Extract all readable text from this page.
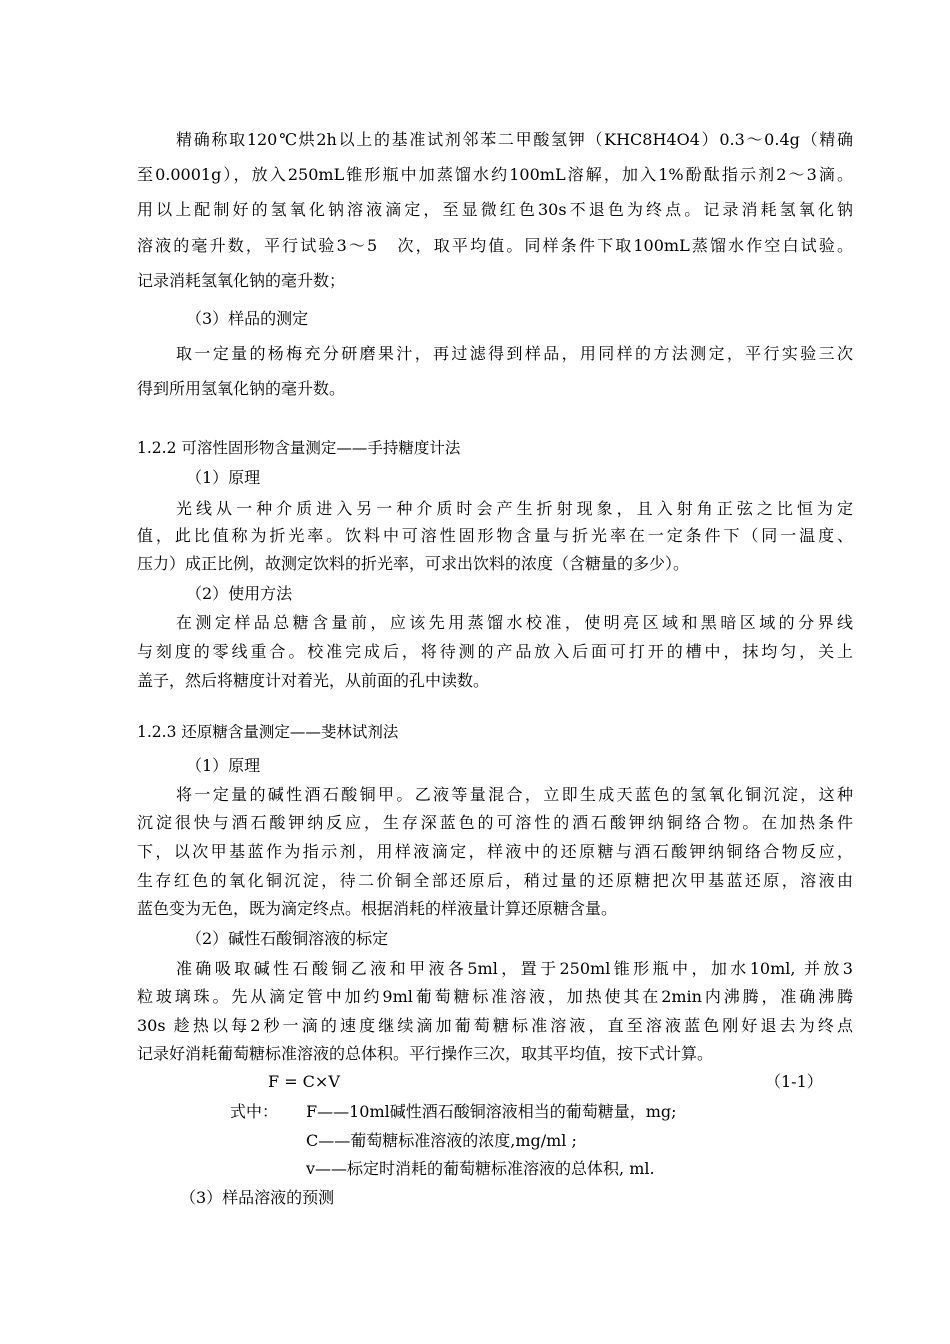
精确称取120℃烘2h以上的基准试剂邻苯二甲酸氢钾（KHC8H4O4）0.3～0.4g（精确
至0.0001g），放入250mL锥形瓶中加蒸馏水约100mL溶解，加入1%酚酞指示剂2～3滴。
用以上配制好的氢氧化钠溶液滴定，至显微红色30s不退色为终点。记录消耗氢氧化钠
溶液的毫升数，平行试验3～5　次，取平均值。同样条件下取100mL蒸馏水作空白试验。
记录消耗氢氧化钠的毫升数；
（3）样品的测定
取一定量的杨梅充分研磨果汁，再过滤得到样品，用同样的方法测定，平行实验三次
得到所用氢氧化钠的毫升数。
1.2.2 可溶性固形物含量测定——手持糖度计法
（1）原理
光线从一种介质进入另一种介质时会产生折射现象，且入射角正弦之比恒为定
值，此比值称为折光率。饮料中可溶性固形物含量与折光率在一定条件下（同一温度、
压力）成正比例，故测定饮料的折光率，可求出饮料的浓度（含糖量的多少）。
（2）使用方法
在测定样品总糖含量前，应该先用蒸馏水校准，使明亮区域和黑暗区域的分界线
与刻度的零线重合。校准完成后，将待测的产品放入后面可打开的槽中，抹均匀，关上
盖子，然后将糖度计对着光，从前面的孔中读数。
1.2.3 还原糖含量测定——斐林试剂法
（1）原理
将一定量的碱性酒石酸铜甲。乙液等量混合，立即生成天蓝色的氢氧化铜沉淀，这种
沉淀很快与酒石酸钾纳反应，生存深蓝色的可溶性的酒石酸钾纳铜络合物。在加热条件
下，以次甲基蓝作为指示剂，用样液滴定，样液中的还原糖与酒石酸钾纳铜络合物反应，
生存红色的氧化铜沉淀，待二价铜全部还原后，稍过量的还原糖把次甲基蓝还原，溶液由
蓝色变为无色，既为滴定终点。根据消耗的样液量计算还原糖含量。
（2）碱性石酸铜溶液的标定
准确吸取碱性石酸铜乙液和甲液各5ml，置于250ml锥形瓶中，加水10ml, 并放3
粒玻璃珠。先从滴定管中加约9ml葡萄糖标准溶液，加热使其在2min内沸腾，准确沸腾
30s 趁热以每2秒一滴的速度继续滴加葡萄糖标准溶液，直至溶液蓝色刚好退去为终点
记录好消耗葡萄糖标准溶液的总体积。平行操作三次，取其平均值，按下式计算。
F = C×V	（1-1）
式中： F——10ml碱性酒石酸铜溶液相当的葡萄糖量，mg;
C——葡萄糖标准溶液的浓度,mg/ml ;
v——标定时消耗的葡萄糖标准溶液的总体积, ml.
（3）样品溶液的预测
